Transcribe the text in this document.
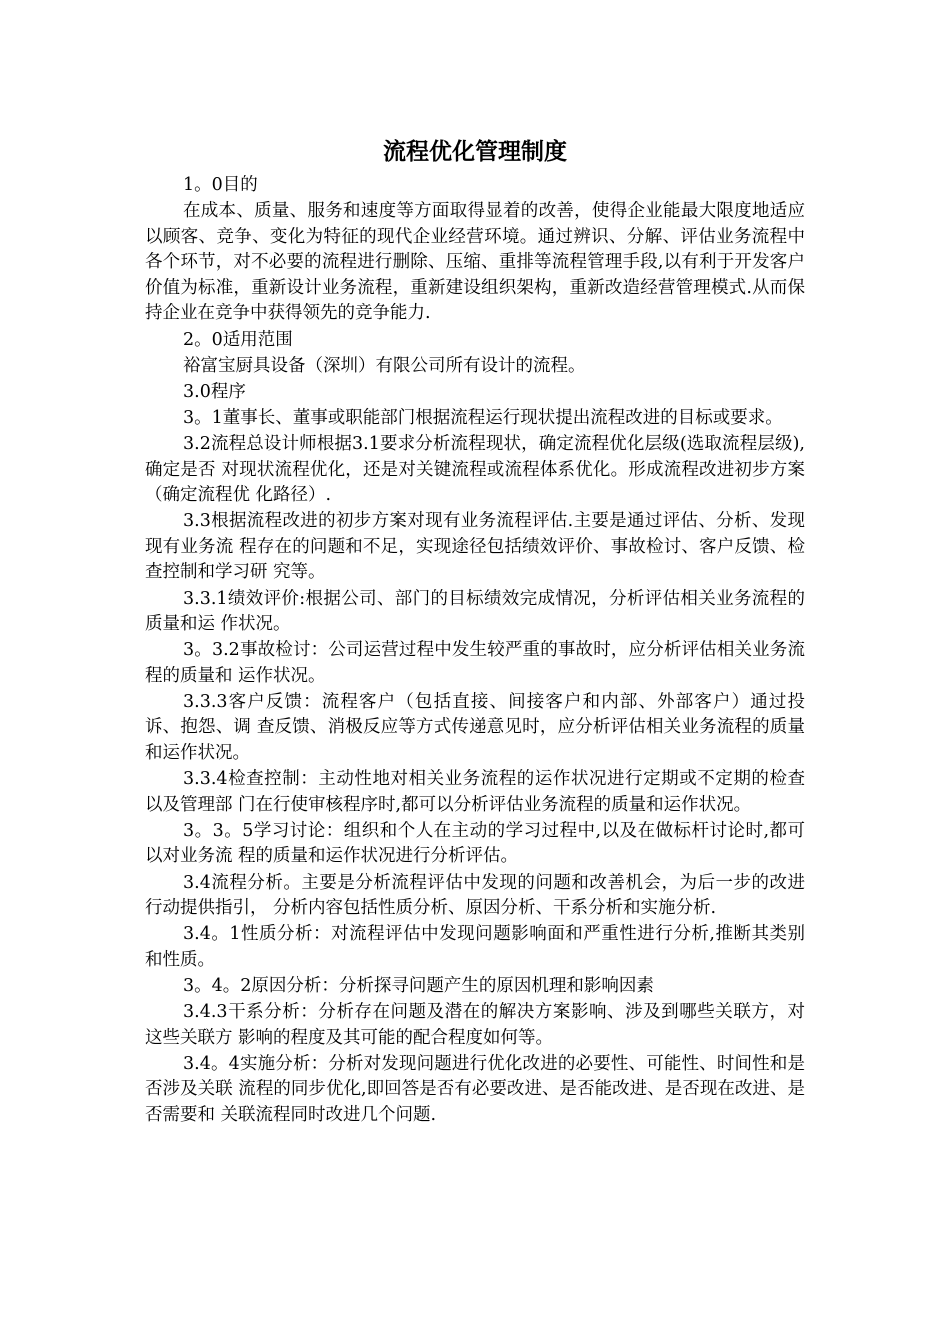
流程优化管理制度
1。0目的
在成本、质量、服务和速度等方面取得显着的改善，使得企业能最大限度地适应以顾客、竞争、变化为特征的现代企业经营环境。通过辨识、分解、评估业务流程中各个环节，对不必要的流程进行删除、压缩、重排等流程管理手段,以有利于开发客户价值为标准，重新设计业务流程，重新建设组织架构，重新改造经营管理模式.从而保持企业在竞争中获得领先的竞争能力.
2。0适用范围
裕富宝厨具设备（深圳）有限公司所有设计的流程。
3.0程序
3。1董事长、董事或职能部门根据流程运行现状提出流程改进的目标或要求。
3.2流程总设计师根据3.1要求分析流程现状，确定流程优化层级(选取流程层级),确定是否 对现状流程优化，还是对关键流程或流程体系优化。形成流程改进初步方案（确定流程优 化路径）.
3.3根据流程改进的初步方案对现有业务流程评估.主要是通过评估、分析、发现现有业务流 程存在的问题和不足，实现途径包括绩效评价、事故检讨、客户反馈、检查控制和学习研 究等。
3.3.1绩效评价:根据公司、部门的目标绩效完成情况，分析评估相关业务流程的质量和运 作状况。
3。3.2事故检讨：公司运营过程中发生较严重的事故时，应分析评估相关业务流程的质量和 运作状况。
3.3.3客户反馈：流程客户（包括直接、间接客户和内部、外部客户）通过投诉、抱怨、调 查反馈、消极反应等方式传递意见时，应分析评估相关业务流程的质量和运作状况。
3.3.4检查控制：主动性地对相关业务流程的运作状况进行定期或不定期的检查以及管理部 门在行使审核程序时,都可以分析评估业务流程的质量和运作状况。
3。3。5学习讨论：组织和个人在主动的学习过程中,以及在做标杆讨论时,都可以对业务流 程的质量和运作状况进行分析评估。
3.4流程分析。主要是分析流程评估中发现的问题和改善机会，为后一步的改进行动提供指引， 分析内容包括性质分析、原因分析、干系分析和实施分析.
3.4。1性质分析：对流程评估中发现问题影响面和严重性进行分析,推断其类别和性质。
3。4。2原因分析：分析探寻问题产生的原因机理和影响因素
3.4.3干系分析：分析存在问题及潜在的解决方案影响、涉及到哪些关联方，对这些关联方 影响的程度及其可能的配合程度如何等。
3.4。4实施分析：分析对发现问题进行优化改进的必要性、可能性、时间性和是否涉及关联 流程的同步优化,即回答是否有必要改进、是否能改进、是否现在改进、是否需要和 关联流程同时改进几个问题.
